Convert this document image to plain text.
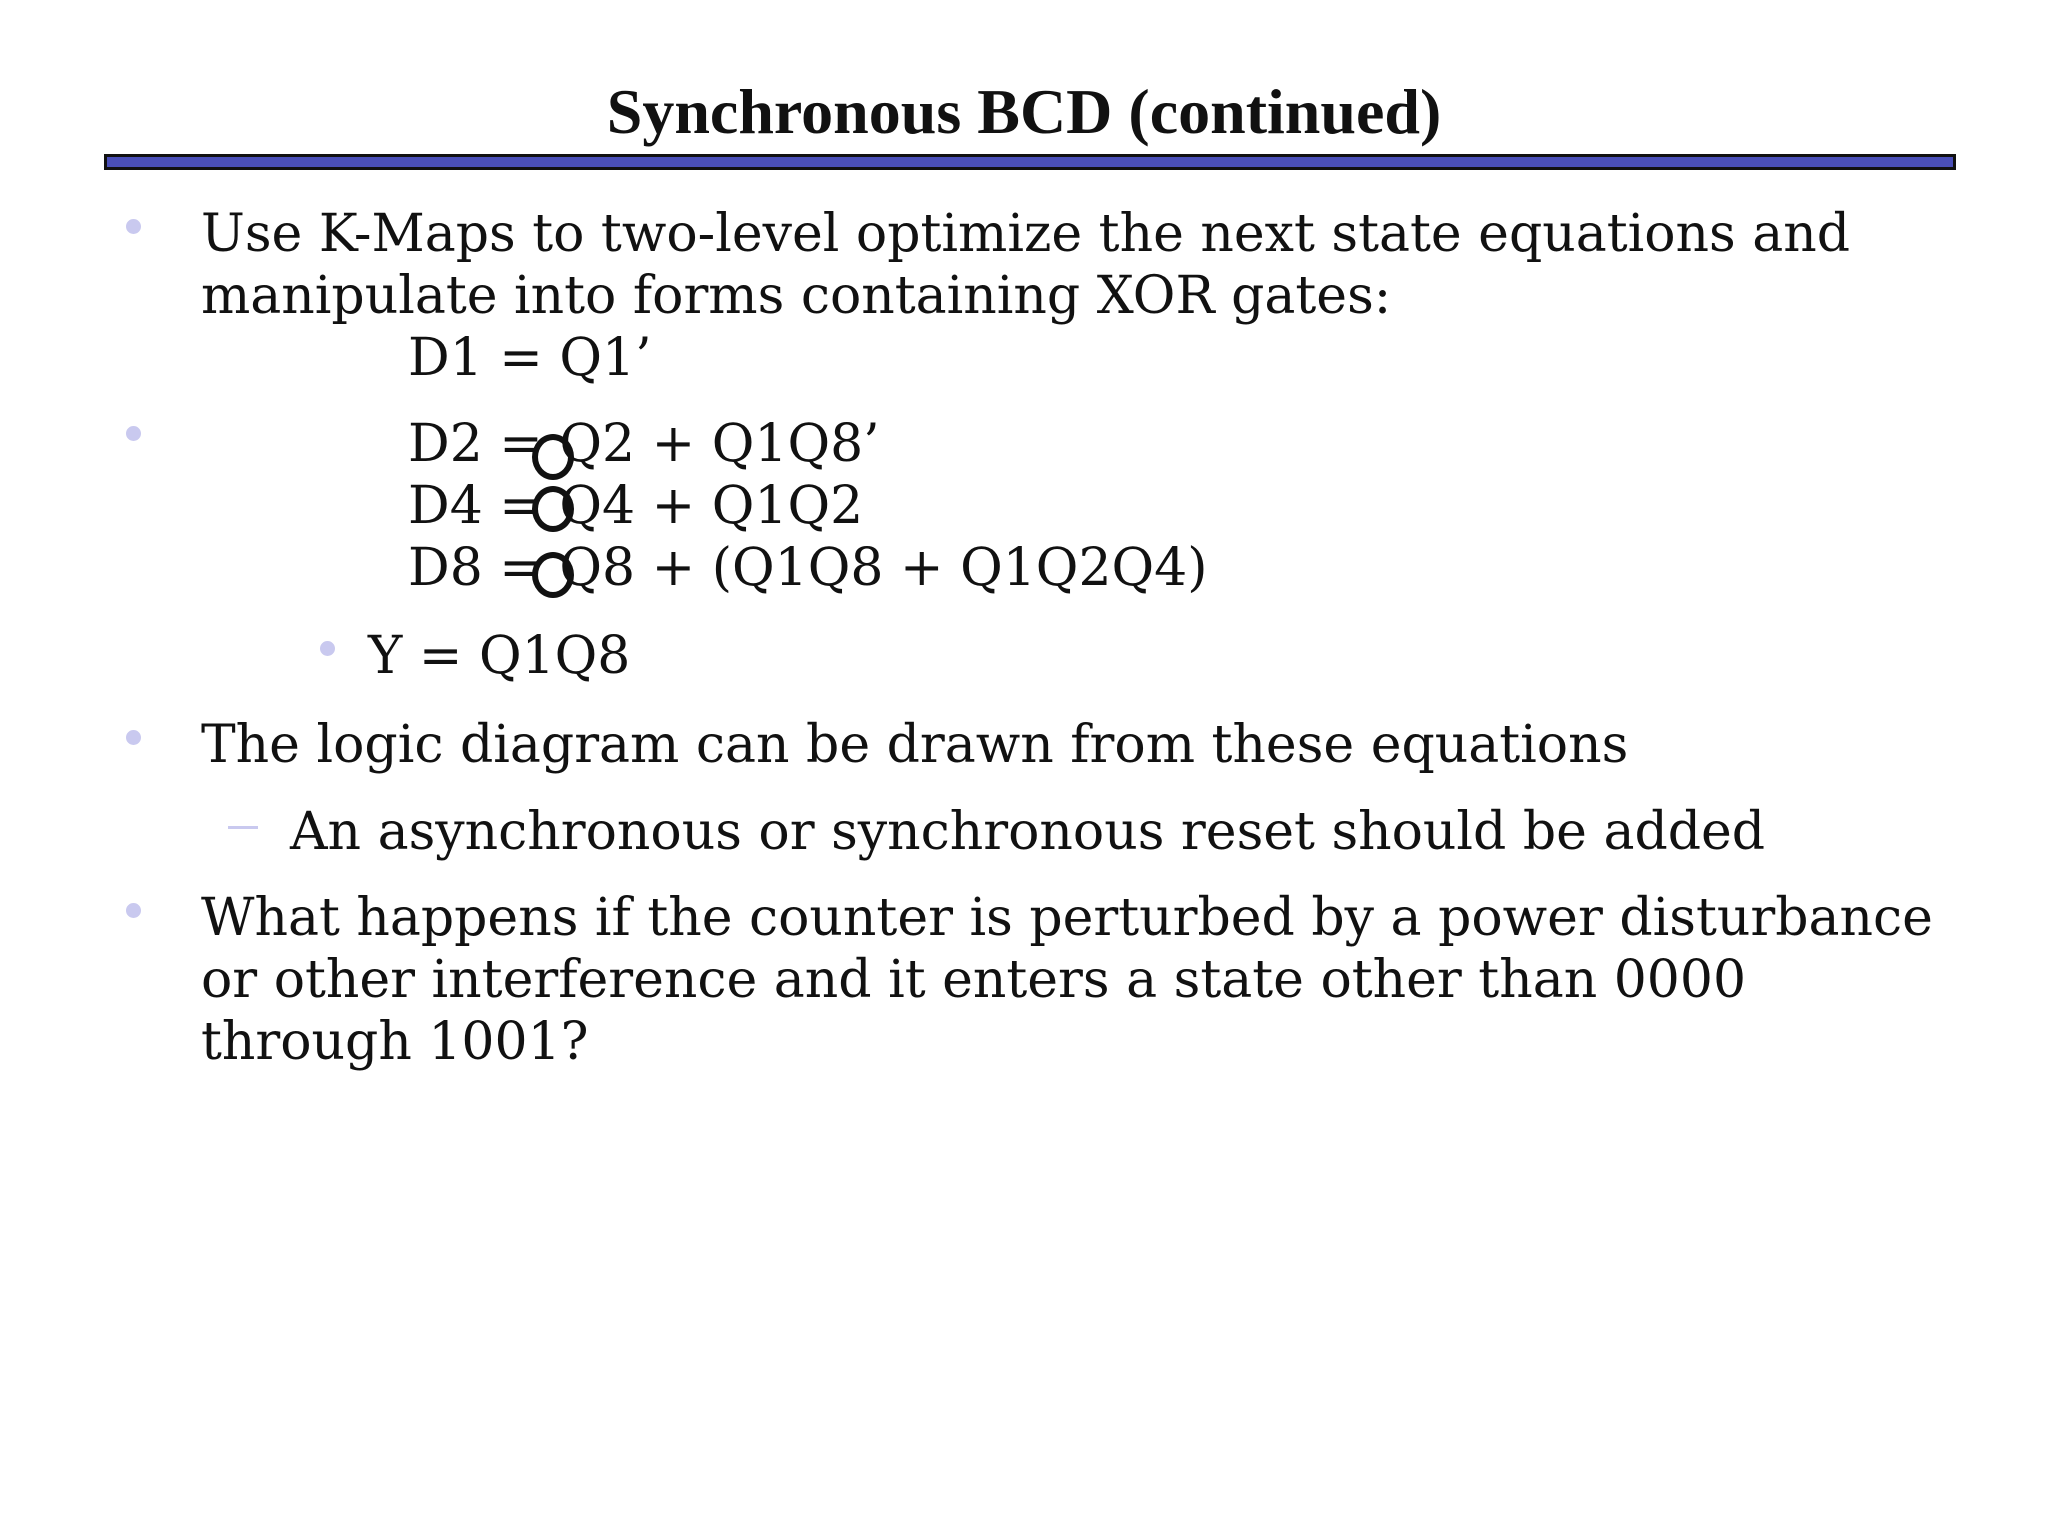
Synchronous BCD (continued)
Use K-Maps to two-level optimize the next state equations and
manipulate into forms containing XOR gates:
D1 = Q1’
D2 = Q2 + Q1Q8’
D4 = Q4 + Q1Q2
D8 = Q8 + (Q1Q8 + Q1Q2Q4)
Y = Q1Q8
The logic diagram can be drawn from these equations
An asynchronous or synchronous reset should be added
What happens if the counter is perturbed by a power disturbance
or other interference and it enters a state other than 0000
through 1001?
